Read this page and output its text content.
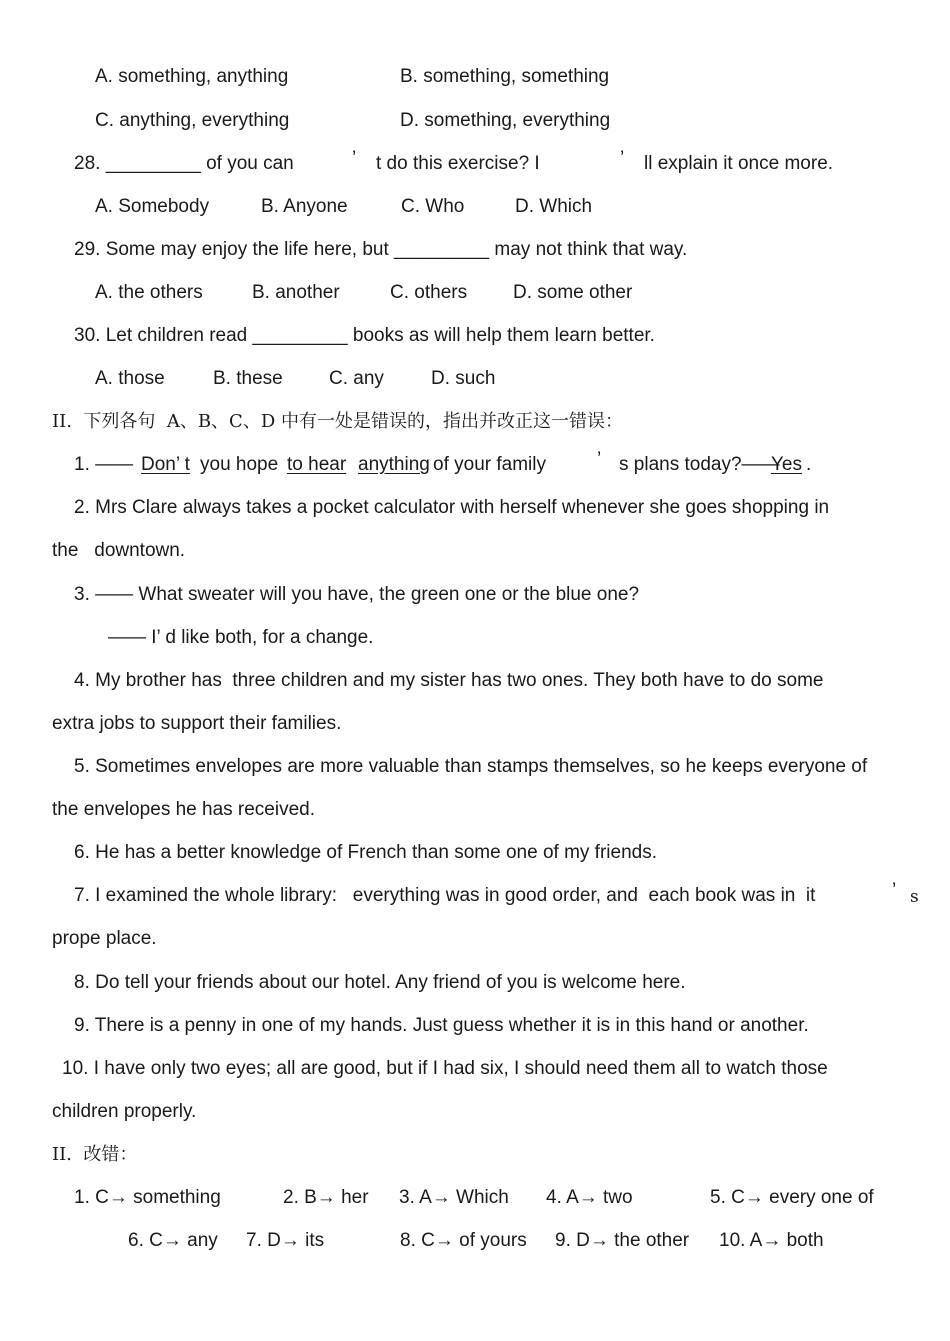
A. something, anything	B. something, something
C. anything, everything	D. something, everything
28. _________ of you can	’ t do this exercise? I	’ ll explain it once more.
A. Somebody	B. Anyone	C. Who	D. Which
29. Some may enjoy the life here, but _________ may not think that way.
A. the others	B. another	C. others D. some other
30. Let children read _________ books as will help them learn better.
A. those	B. these C. any D. such
II.  下列各句  A、B、C、D 中有一处是错误的，指出并改正这一错误：
1. —— Don’ t you hope to hear anything of your family	’ s plans today?——
Yes .
2. Mrs Clare always takes a pocket calculator with herself whenever she goes shopping in
the   downtown.
3. —— What sweater will you have, the green one or the blue one?
—— I’ d like both, for a change.
4. My brother has  three children and my sister has two ones. They both have to do some
extra jobs to support their families.
5. Sometimes envelopes are more valuable than stamps themselves, so he keeps everyone of
the envelopes he has received.
6. He has a better knowledge of French than some one of my friends.
7. I examined the whole library:   everything was in good order, and  each book was in  it	’ s
prope place.
8. Do tell your friends about our hotel. Any friend of you is welcome here.
9. There is a penny in one of my hands. Just guess whether it is in this hand or another.
10. I have only two eyes; all are good, but if I had six, I should need them all to watch those
children properly.
II.  改错：
1. C→ something	2. B→ her 3. A→ Which 4. A→ two	5. C→ every one of
6. C→ any 7. D→ its	8. C→ of yours 9. D→ the other 10. A→ both
